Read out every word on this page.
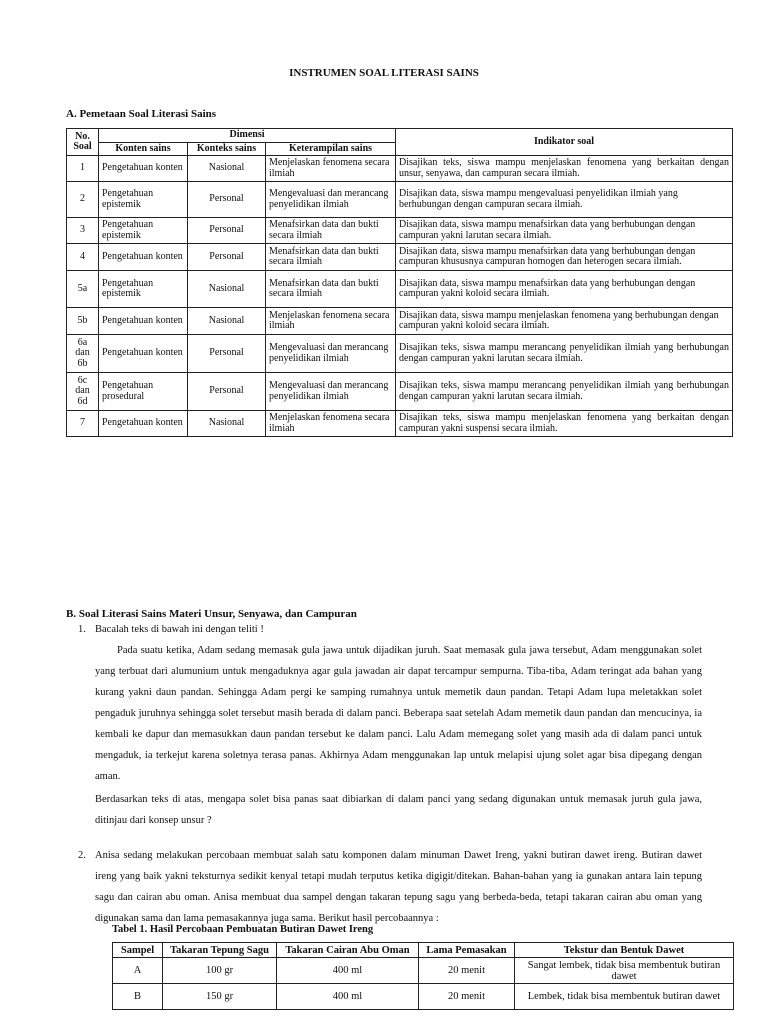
INSTRUMEN SOAL LITERASI SAINS
A. Pemetaan Soal Literasi Sains
No. Soal	Dimensi			Indikator soal
	Konten sains	Konteks sains	Keterampilan sains	
1	Pengetahuan konten	Nasional	Menjelaskan fenomena secara ilmiah	Disajikan teks, siswa mampu menjelaskan fenomena yang berkaitan dengan unsur, senyawa, dan campuran secara ilmiah.
2	Pengetahuan epistemik	Personal	Mengevaluasi dan merancang penyelidikan ilmiah	Disajikan data, siswa mampu mengevaluasi penyelidikan ilmiah yang berhubungan dengan campuran secara ilmiah.
3	Pengetahuan epistemik	Personal	Menafsirkan data dan bukti secara ilmiah	Disajikan data, siswa mampu menafsirkan data yang berhubungan dengan campuran yakni larutan secara ilmiah.
4	Pengetahuan konten	Personal	Menafsirkan data dan bukti secara ilmiah	Disajikan data, siswa mampu menafsirkan data yang berhubungan dengan campuran khususnya campuran homogen dan heterogen secara ilmiah.
5a	Pengetahuan epistemik	Nasional	Menafsirkan data dan bukti secara ilmiah	Disajikan data, siswa mampu menafsirkan data yang berhubungan dengan campuran yakni koloid secara ilmiah.
5b	Pengetahuan konten	Nasional	Menjelaskan fenomena secara ilmiah	Disajikan data, siswa mampu menjelaskan fenomena yang berhubungan dengan campuran yakni koloid secara ilmiah.
6a dan 6b	Pengetahuan konten	Personal	Mengevaluasi dan merancang penyelidikan ilmiah	Disajikan teks, siswa mampu merancang penyelidikan ilmiah yang berhubungan dengan campuran yakni larutan secara ilmiah.
6c dan 6d	Pengetahuan prosedural	Personal	Mengevaluasi dan merancang penyelidikan ilmiah	Disajikan teks, siswa mampu merancang penyelidikan ilmiah yang berhubungan dengan campuran yakni larutan secara ilmiah.
7	Pengetahuan konten	Nasional	Menjelaskan fenomena secara ilmiah	Disajikan teks, siswa mampu menjelaskan fenomena yang berkaitan dengan campuran yakni suspensi secara ilmiah.
B. Soal Literasi Sains Materi Unsur, Senyawa, dan Campuran
1. Bacalah teks di bawah ini dengan teliti !

Pada suatu ketika, Adam sedang memasak gula jawa untuk dijadikan juruh. Saat memasak gula jawa tersebut, Adam menggunakan solet yang terbuat dari alumunium untuk mengaduknya agar gula jawadan air dapat tercampur sempurna. Tiba-tiba, Adam teringat ada bahan yang kurang yakni daun pandan. Sehingga Adam pergi ke samping rumahnya untuk memetik daun pandan. Tetapi Adam lupa meletakkan solet pengaduk juruhnya sehingga solet tersebut masih berada di dalam panci. Beberapa saat setelah Adam memetik daun pandan dan mencucinya, ia kembali ke dapur dan memasukkan daun pandan tersebut ke dalam panci. Lalu Adam memegang solet yang masih ada di dalam panci untuk mengaduk, ia terkejut karena soletnya terasa panas. Akhirnya Adam menggunakan lap untuk melapisi ujung solet agar bisa dipegang dengan aman.

Berdasarkan teks di atas, mengapa solet bisa panas saat dibiarkan di dalam panci yang sedang digunakan untuk memasak juruh gula jawa, ditinjau dari konsep unsur ?

2. Anisa sedang melakukan percobaan membuat salah satu komponen dalam minuman Dawet Ireng, yakni butiran dawet ireng. Butiran dawet ireng yang baik yakni teksturnya sedikit kenyal tetapi mudah terputus ketika digigit/ditekan. Bahan-bahan yang ia gunakan antara lain tepung sagu dan cairan abu oman. Anisa membuat dua sampel dengan takaran tepung sagu yang berbeda-beda, tetapi takaran cairan abu oman yang digunakan sama dan lama pemasakannya juga sama. Berikut hasil percobaannya :

Tabel 1. Hasil Percobaan Pembuatan Butiran Dawet Ireng
Sampel	Takaran Tepung Sagu	Takaran Cairan Abu Oman	Lama Pemasakan	Tekstur dan Bentuk Dawet
A	100 gr	400 ml	20 menit	Sangat lembek, tidak bisa membentuk butiran dawet
B	150 gr	400 ml	20 menit	Lembek, tidak bisa membentuk butiran dawet
